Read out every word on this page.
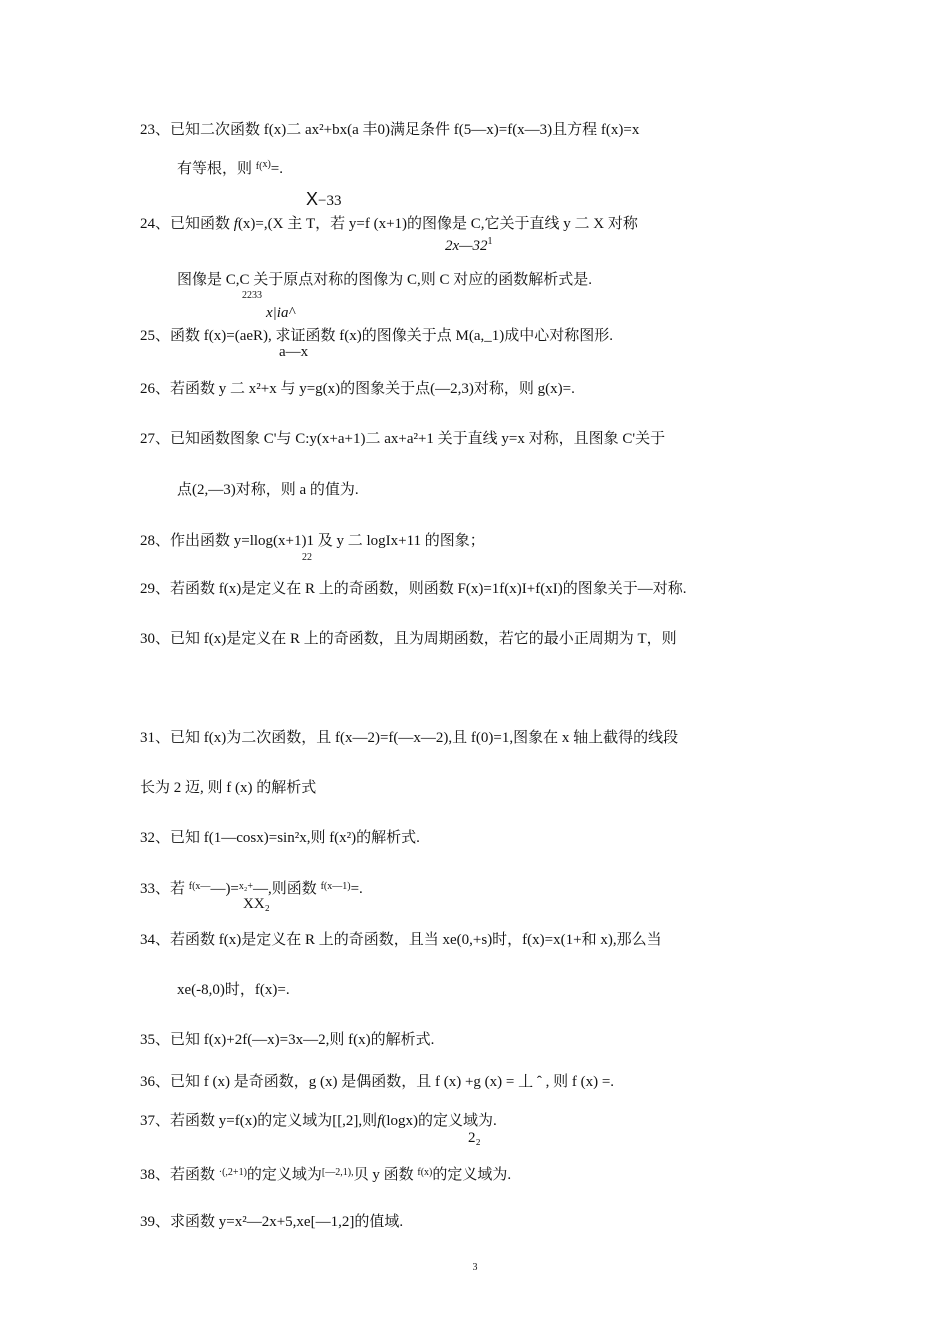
23、已知二次函数 f(x)二 ax²+bx(a 丰0)满足条件 f(5—x)=f(x—3)且方程 f(x)=x
有等根，则 $^{f(x)}$=.
X−33
24、已知函数 f(x)=,(X 主 T，若 y=f (x+1)的图像是 C,它关于直线 y 二 X 对称
$2x—32^1$
图像是 C,C 关于原点对称的图像为 C,则 C 对应的函数解析式是.
2233
x|ia^
25、函数 f(x)=(aeR), 求证函数 f(x)的图像关于点 M(a,_1)成中心对称图形.
a—x
26、若函数 y 二 x²+x 与 y=g(x)的图象关于点(—2,3)对称，则 g(x)=.
27、已知函数图象 C'与 C:y(x+a+1)二 ax+a²+1 关于直线 y=x 对称，且图象 C'关于
点(2,—3)对称，则 a 的值为.
28、作出函数 y=llog(x+1)1 及 y 二 logIx+11 的图象；
22
29、若函数 f(x)是定义在 R 上的奇函数，则函数 F(x)=1f(x)I+f(xI)的图象关于—对称.
30、已知 f(x)是定义在 R 上的奇函数，且为周期函数，若它的最小正周期为 T，则
31、已知 f(x)为二次函数，且 f(x—2)=f(—x—2),且 f(0)=1,图象在 x 轴上截得的线段
长为 2 迈, 则 f (x) 的解析式
32、已知 f(1—cosx)=sin²x,则 f(x²)的解析式.
33、若 $^{f(x—}$—)=$^{x_2+}$—,则函数 $^{f(x—1)}$=.
XX₂
34、若函数 f(x)是定义在 R 上的奇函数，且当 xe(0,+s)时，f(x)=x(1+和 x),那么当
xe(-8,0)时，f(x)=.
35、已知 f(x)+2f(—x)=3x—2,则 f(x)的解析式.
36、已知 f (x) 是奇函数，g (x) 是偶函数，且 f (x) +g (x) = 丄 ˆ , 则 f (x) =.
37、若函数 y=f(x)的定义域为[[,2],则f(logx)的定义域为.
2₂
38、若函数 $^{\cdot(,2+1)}$的定义域为$^{[—2,1),}$贝 y 函数 $^{f(x)}$的定义域为.
39、求函数 y=x²—2x+5,xe[—1,2]的值域.
3
